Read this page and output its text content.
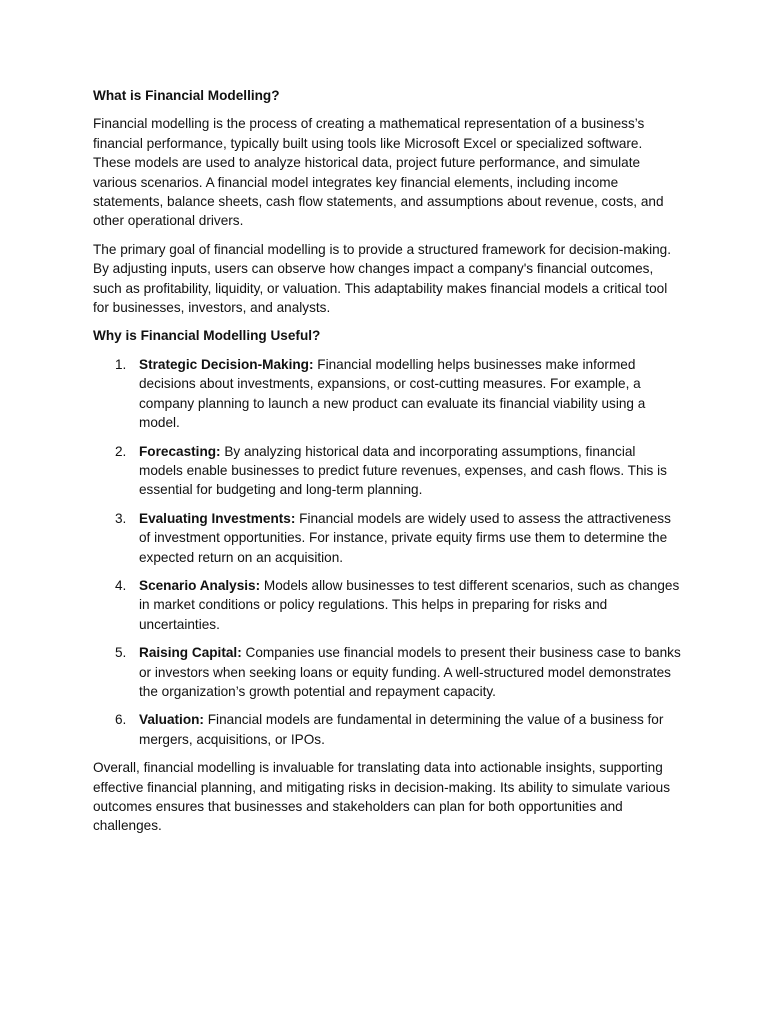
What is Financial Modelling?
Financial modelling is the process of creating a mathematical representation of a business’s financial performance, typically built using tools like Microsoft Excel or specialized software. These models are used to analyze historical data, project future performance, and simulate various scenarios. A financial model integrates key financial elements, including income statements, balance sheets, cash flow statements, and assumptions about revenue, costs, and other operational drivers.
The primary goal of financial modelling is to provide a structured framework for decision-making. By adjusting inputs, users can observe how changes impact a company's financial outcomes, such as profitability, liquidity, or valuation. This adaptability makes financial models a critical tool for businesses, investors, and analysts.
Why is Financial Modelling Useful?
1. Strategic Decision-Making: Financial modelling helps businesses make informed decisions about investments, expansions, or cost-cutting measures. For example, a company planning to launch a new product can evaluate its financial viability using a model.
2. Forecasting: By analyzing historical data and incorporating assumptions, financial models enable businesses to predict future revenues, expenses, and cash flows. This is essential for budgeting and long-term planning.
3. Evaluating Investments: Financial models are widely used to assess the attractiveness of investment opportunities. For instance, private equity firms use them to determine the expected return on an acquisition.
4. Scenario Analysis: Models allow businesses to test different scenarios, such as changes in market conditions or policy regulations. This helps in preparing for risks and uncertainties.
5. Raising Capital: Companies use financial models to present their business case to banks or investors when seeking loans or equity funding. A well-structured model demonstrates the organization’s growth potential and repayment capacity.
6. Valuation: Financial models are fundamental in determining the value of a business for mergers, acquisitions, or IPOs.
Overall, financial modelling is invaluable for translating data into actionable insights, supporting effective financial planning, and mitigating risks in decision-making. Its ability to simulate various outcomes ensures that businesses and stakeholders can plan for both opportunities and challenges.
